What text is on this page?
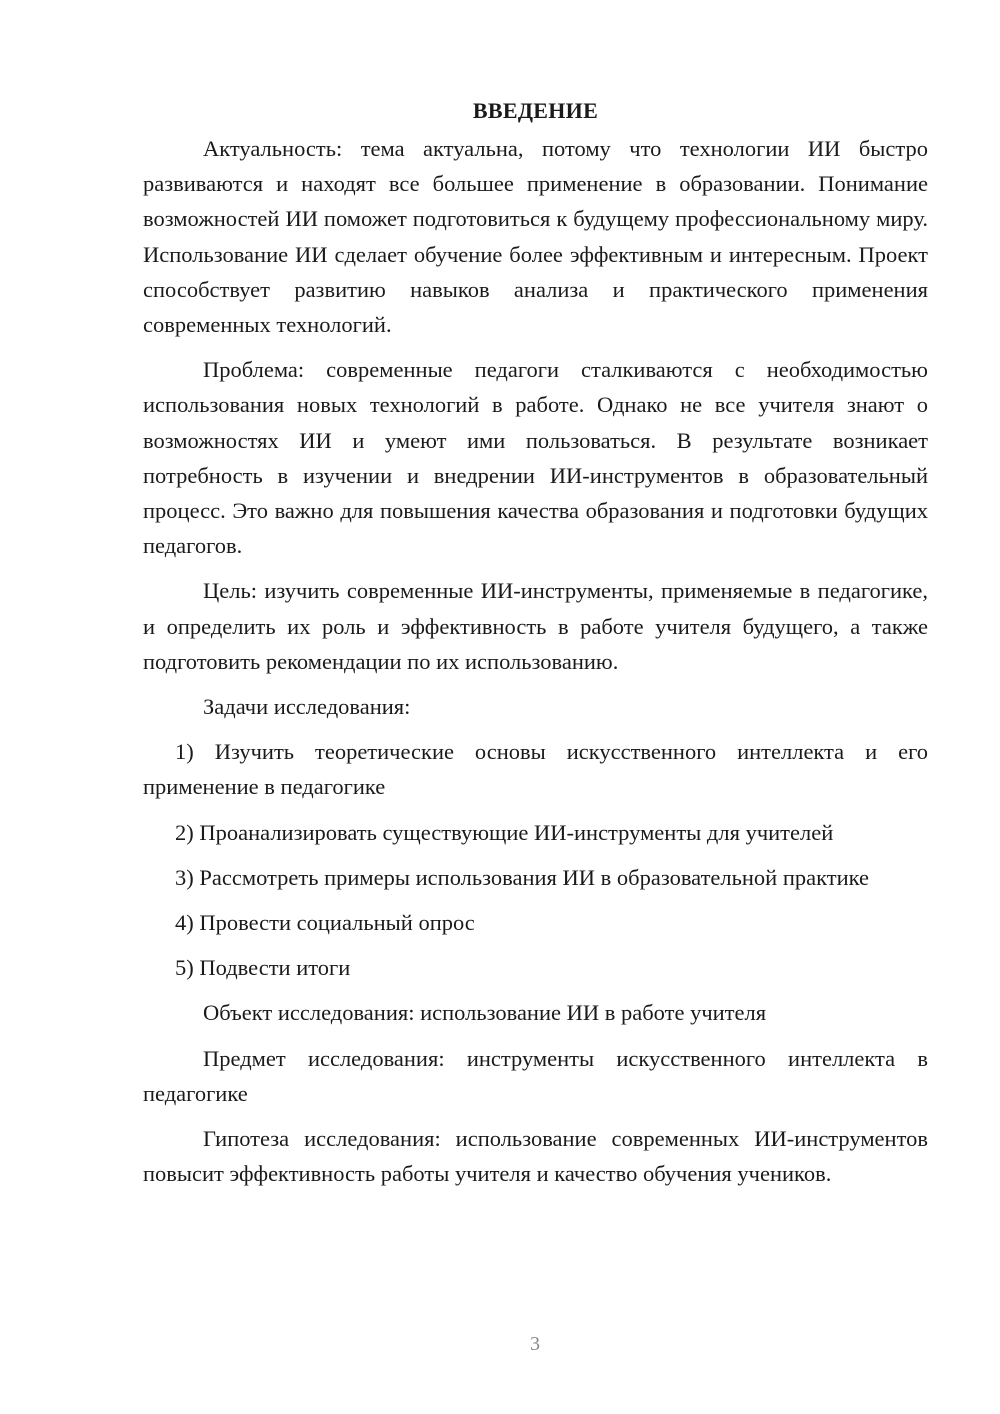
ВВЕДЕНИЕ

Актуальность: тема актуальна, потому что технологии ИИ быстро развиваются и находят все большее применение в образовании. Понимание возможностей ИИ поможет подготовиться к будущему профессиональному миру. Использование ИИ сделает обучение более эффективным и интересным. Проект способствует развитию навыков анализа и практического применения современных технологий.

Проблема: современные педагоги сталкиваются с необходимостью использования новых технологий в работе. Однако не все учителя знают о возможностях ИИ и умеют ими пользоваться. В результате возникает потребность в изучении и внедрении ИИ-инструментов в образовательный процесс. Это важно для повышения качества образования и подготовки будущих педагогов.

Цель: изучить современные ИИ-инструменты, применяемые в педагогике, и определить их роль и эффективность в работе учителя будущего, а также подготовить рекомендации по их использованию.

Задачи исследования:

1) Изучить теоретические основы искусственного интеллекта и его применение в педагогике

2) Проанализировать существующие ИИ-инструменты для учителей

3) Рассмотреть примеры использования ИИ в образовательной практике

4) Провести социальный опрос

5) Подвести итоги

Объект исследования: использование ИИ в работе учителя

Предмет исследования: инструменты искусственного интеллекта в педагогике

Гипотеза исследования: использование современных ИИ-инструментов повысит эффективность работы учителя и качество обучения учеников.

3
